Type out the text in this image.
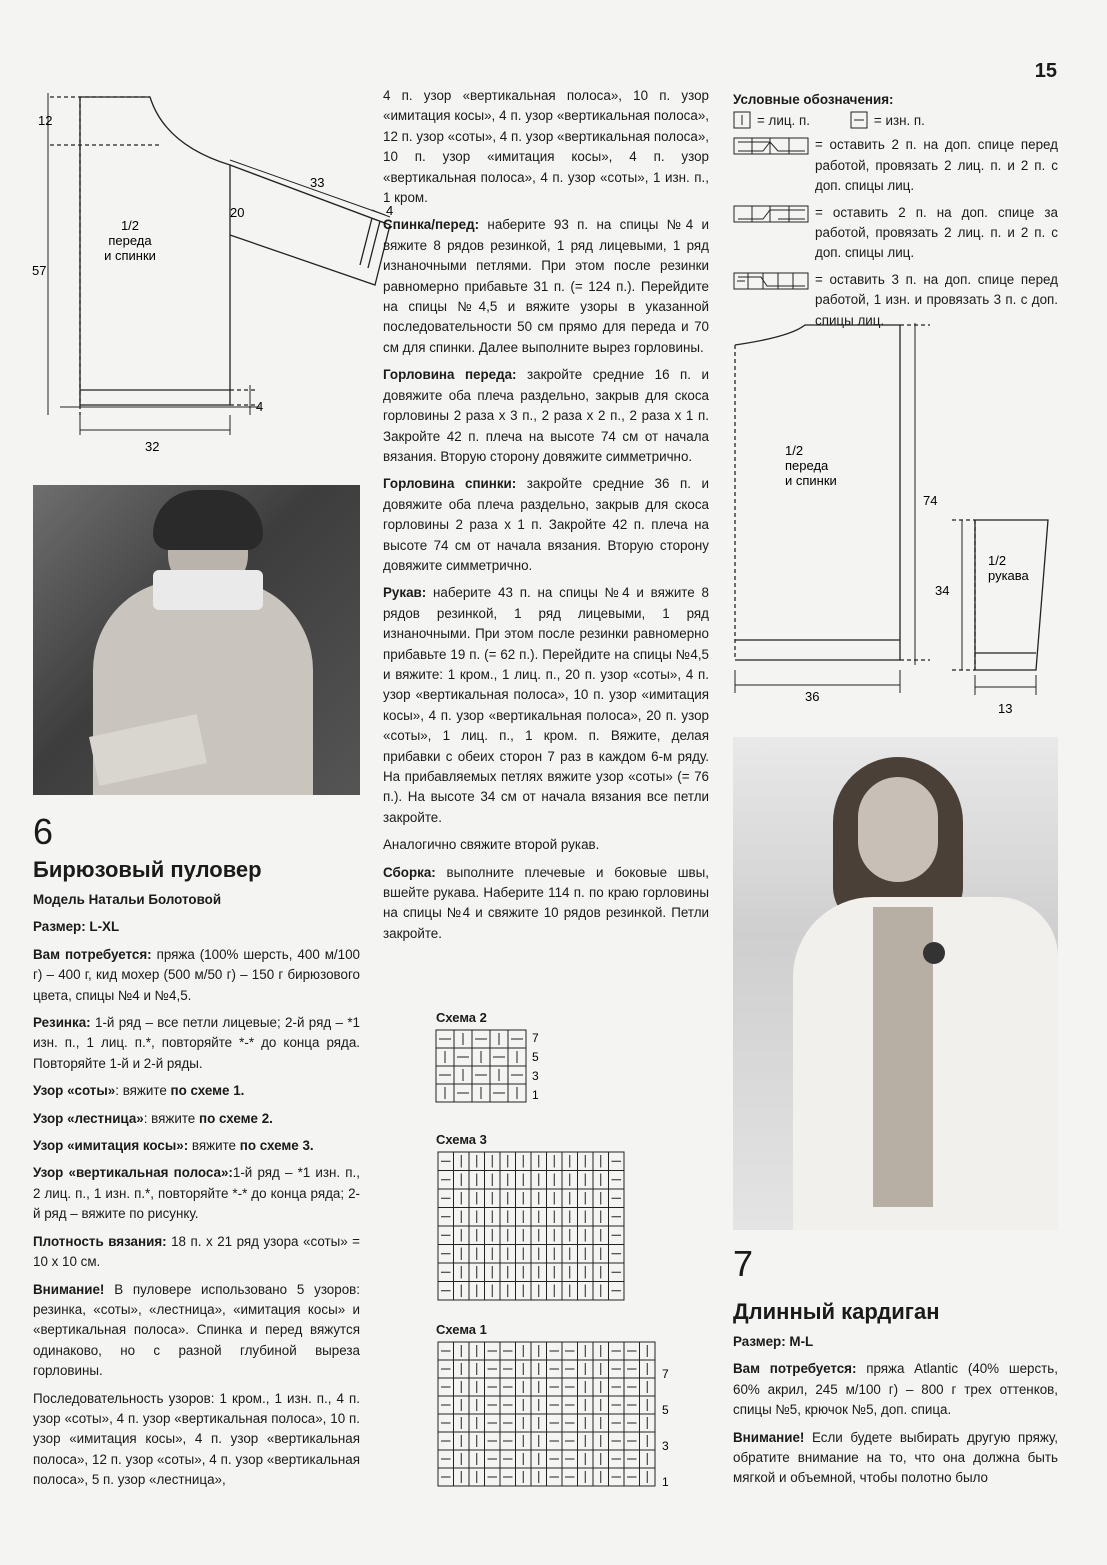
15
1/2
переда
и спинки
12
57
33
20	4
4
32
6
Бирюзовый пуловер

Модель Натальи Болотовой

Размер: L-XL

Вам потребуется: пряжа (100% шерсть, 400 м/100 г) – 400 г, кид мохер (500 м/50 г) – 150 г бирюзового цвета, спицы №4 и №4,5.

Резинка: 1-й ряд – все петли лицевые; 2-й ряд – *1 изн. п., 1 лиц. п.*, повторяйте *-* до конца ряда. Повторяйте 1-й и 2-й ряды.

Узор «соты»: вяжите по схеме 1.

Узор «лестница»: вяжите по схеме 2.

Узор «имитация косы»: вяжите по схеме 3.

Узор «вертикальная полоса»:1-й ряд – *1 изн. п., 2 лиц. п., 1 изн. п.*, повторяйте *-* до конца ряда; 2-й ряд – вяжите по рисунку.

Плотность вязания: 18 п. х 21 ряд узора «соты» = 10 х 10 см.

Внимание! В пуловере использовано 5 узоров: резинка, «соты», «лестница», «имитация косы» и «вертикальная полоса». Спинка и перед вяжутся одинаково, но с разной глубиной выреза горловины.

Последовательность узоров: 1 кром., 1 изн. п., 4 п. узор «соты», 4 п. узор «вертикальная полоса», 10 п. узор «имитация косы», 4 п. узор «вертикальная полоса», 12 п. узор «соты», 4 п. узор «вертикальная полоса», 5 п. узор «лестница»,

4 п. узор «вертикальная полоса», 10 п. узор «имитация косы», 4 п. узор «вертикальная полоса», 12 п. узор «соты», 4 п. узор «вертикальная полоса», 10 п. узор «имитация косы», 4 п. узор «вертикальная полоса», 4 п. узор «соты», 1 изн. п., 1 кром.

Спинка/перед: наберите 93 п. на спицы №4 и вяжите 8 рядов резинкой, 1 ряд лицевыми, 1 ряд изнаночными петлями. При этом после резинки равномерно прибавьте 31 п. (= 124 п.). Перейдите на спицы №4,5 и вяжите узоры в указанной последовательности 50 см прямо для переда и 70 см для спинки. Далее выполните вырез горловины.

Горловина переда: закройте средние 16 п. и довяжите оба плеча раздельно, закрыв для скоса горловины 2 раза х 3 п., 2 раза х 2 п., 2 раза х 1 п. Закройте 42 п. плеча на высоте 74 см от начала вязания. Вторую сторону довяжите симметрично.

Горловина спинки: закройте средние 36 п. и довяжите оба плеча раздельно, закрыв для скоса горловины 2 раза х 1 п. Закройте 42 п. плеча на высоте 74 см от начала вязания. Вторую сторону довяжите симметрично.

Рукав: наберите 43 п. на спицы №4 и вяжите 8 рядов резинкой, 1 ряд лицевыми, 1 ряд изнаночными. При этом после резинки равномерно прибавьте 19 п. (= 62 п.). Перейдите на спицы №4,5 и вяжите: 1 кром., 1 лиц. п., 20 п. узор «соты», 4 п. узор «вертикальная полоса», 10 п. узор «имитация косы», 4 п. узор «вертикальная полоса», 20 п. узор «соты», 1 лиц. п., 1 кром. п. Вяжите, делая прибавки с обеих сторон 7 раз в каждом 6-м ряду. На прибавляемых петлях вяжите узор «соты» (= 76 п.). На высоте 34 см от начала вязания все петли закройте.

Аналогично свяжите второй рукав.

Сборка: выполните плечевые и боковые швы, вшейте рукава. Наберите 114 п. по краю горловины на спицы №4 и свяжите 10 рядов резинкой. Петли закройте.

Схема 2
7
5
3
1
Схема 3
Схема 1
7
5
3
1
Условные обозначения:
= лиц. п.	= изн. п.
= оставить 2 п. на доп. спице перед работой, провязать 2 лиц. п. и 2 п. с доп. спицы лиц.
= оставить 2 п. на доп. спице за работой, провязать 2 лиц. п. и 2 п. с доп. спицы лиц.
= оставить 3 п. на доп. спице перед работой, 1 изн. и провязать 3 п. с доп. спицы лиц.
1/2
переда
и спинки
74
36
1/2
рукава
34
13
7
Длинный кардиган

Размер: M-L

Вам потребуется: пряжа Atlantic (40% шерсть, 60% акрил, 245 м/100 г) – 800 г трех оттенков, спицы №5, крючок №5, доп. спица.

Внимание! Если будете выбирать другую пряжу, обратите внимание на то, что она должна быть мягкой и объемной, чтобы полотно было
